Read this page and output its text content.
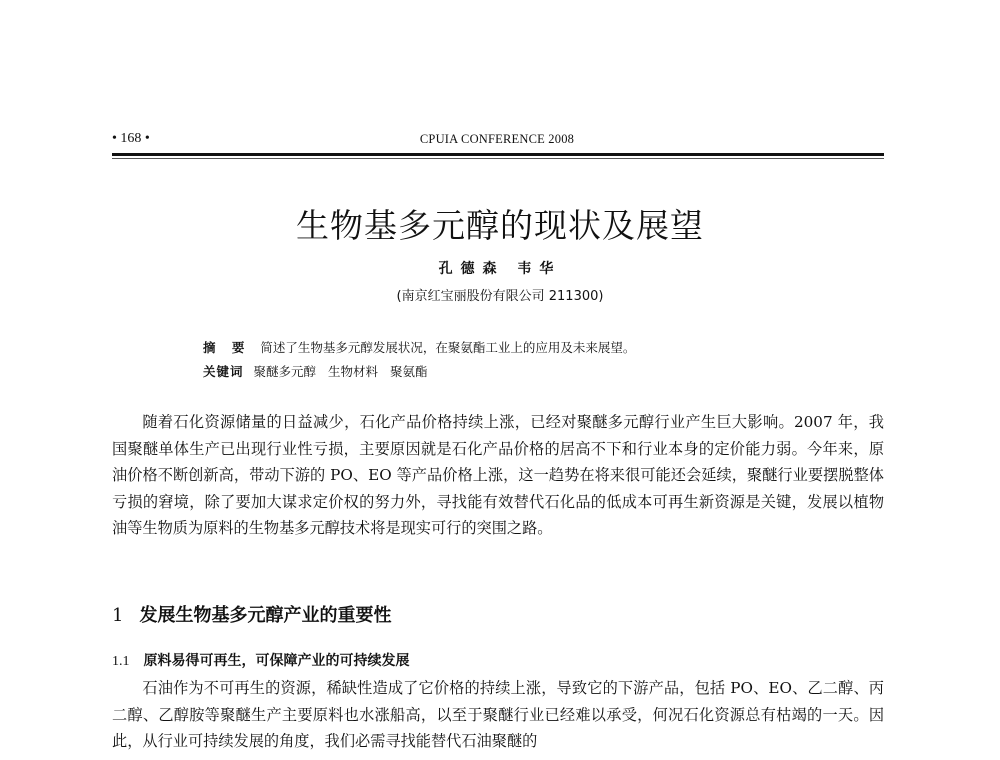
• 168 •	CPUIA CONFERENCE 2008
生物基多元醇的现状及展望
孔德森 韦华
(南京红宝丽股份有限公司 211300)
摘 要 简述了生物基多元醇发展状况，在聚氨酯工业上的应用及未来展望。
关键词 聚醚多元醇 生物材料 聚氨酯

随着石化资源储量的日益减少，石化产品价格持续上涨，已经对聚醚多元醇行业产生巨大影响。2007 年，我国聚醚单体生产已出现行业性亏损，主要原因就是石化产品价格的居高不下和行业本身的定价能力弱。今年来，原油价格不断创新高，带动下游的 PO、EO 等产品价格上涨，这一趋势在将来很可能还会延续，聚醚行业要摆脱整体亏损的窘境，除了要加大谋求定价权的努力外，寻找能有效替代石化品的低成本可再生新资源是关键，发展以植物油等生物质为原料的生物基多元醇技术将是现实可行的突围之路。

1 发展生物基多元醇产业的重要性
1.1 原料易得可再生，可保障产业的可持续发展

石油作为不可再生的资源，稀缺性造成了它价格的持续上涨，导致它的下游产品，包括 PO、EO、乙二醇、丙二醇、乙醇胺等聚醚生产主要原料也水涨船高，以至于聚醚行业已经难以承受，何况石化资源总有枯竭的一天。因此，从行业可持续发展的角度，我们必需寻找能替代石油聚醚的
